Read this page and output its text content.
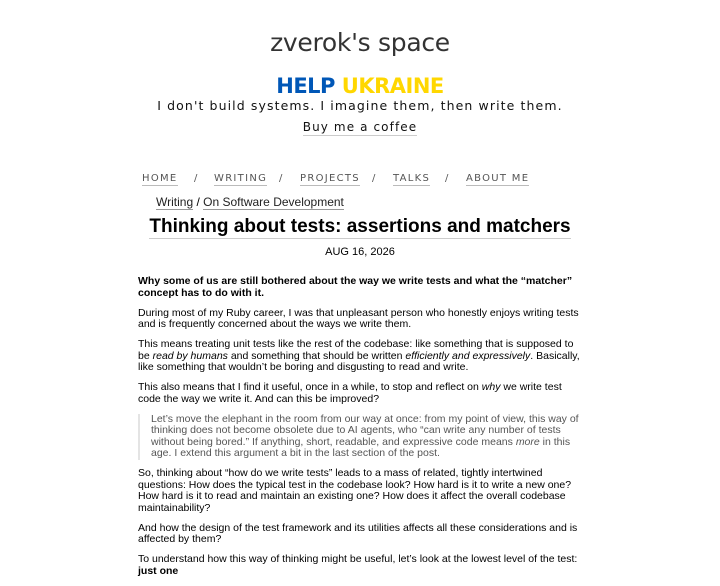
zverok's space
HELP UKRAINE
I don't build systems. I imagine them, then write them.
Buy me a coffee
HOME / WRITING / PROJECTS / TALKS / ABOUT ME
Writing / On Software Development
Thinking about tests: assertions and matchers
AUG 16, 2026

Why some of us are still bothered about the way we write tests and what the “matcher” concept has to do with it.

During most of my Ruby career, I was that unpleasant person who honestly enjoys writing tests and is frequently concerned about the ways we write them.

This means treating unit tests like the rest of the codebase: like something that is supposed to be read by humans and something that should be written efficiently and expressively. Basically, like something that wouldn’t be boring and disgusting to read and write.

This also means that I find it useful, once in a while, to stop and reflect on why we write test code the way we write it. And can this be improved?

Let’s move the elephant in the room from our way at once: from my point of view, this way of thinking does not become obsolete due to AI agents, who “can write any number of tests without being bored.” If anything, short, readable, and expressive code means more in this age. I extend this argument a bit in the last section of the post.

So, thinking about “how do we write tests” leads to a mass of related, tightly intertwined questions: How does the typical test in the codebase look? How hard is it to write a new one? How hard is it to read and maintain an existing one? How does it affect the overall codebase maintainability?

And how the design of the test framework and its utilities affects all these considerations and is affected by them?

To understand how this way of thinking might be useful, let’s look at the lowest level of the test: just one
